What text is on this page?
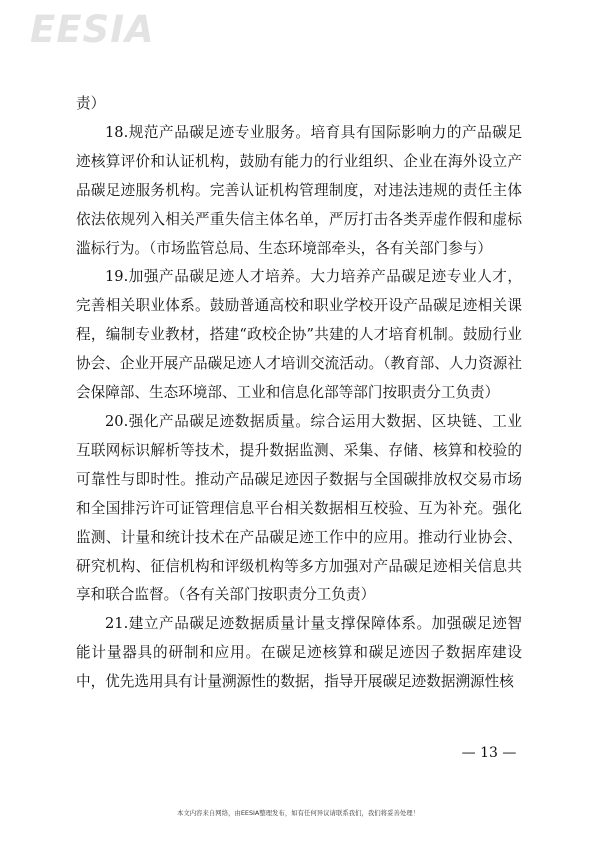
EESIA

责）

18.规范产品碳足迹专业服务。培育具有国际影响力的产品碳足迹核算评价和认证机构，鼓励有能力的行业组织、企业在海外设立产品碳足迹服务机构。完善认证机构管理制度，对违法违规的责任主体依法依规列入相关严重失信主体名单，严厉打击各类弄虚作假和虚标滥标行为。（市场监管总局、生态环境部牵头，各有关部门参与）

19.加强产品碳足迹人才培养。大力培养产品碳足迹专业人才，完善相关职业体系。鼓励普通高校和职业学校开设产品碳足迹相关课程，编制专业教材，搭建“政校企协”共建的人才培育机制。鼓励行业协会、企业开展产品碳足迹人才培训交流活动。（教育部、人力资源社会保障部、生态环境部、工业和信息化部等部门按职责分工负责）

20.强化产品碳足迹数据质量。综合运用大数据、区块链、工业互联网标识解析等技术，提升数据监测、采集、存储、核算和校验的可靠性与即时性。推动产品碳足迹因子数据与全国碳排放权交易市场和全国排污许可证管理信息平台相关数据相互校验、互为补充。强化监测、计量和统计技术在产品碳足迹工作中的应用。推动行业协会、研究机构、征信机构和评级机构等多方加强对产品碳足迹相关信息共享和联合监督。（各有关部门按职责分工负责）

21.建立产品碳足迹数据质量计量支撑保障体系。加强碳足迹智能计量器具的研制和应用。在碳足迹核算和碳足迹因子数据库建设中，优先选用具有计量溯源性的数据，指导开展碳足迹数据溯源性核

— 13 —
本文内容来自网络，由EESIA整理发布，如有任何异议请联系我们，我们将妥善处理！
